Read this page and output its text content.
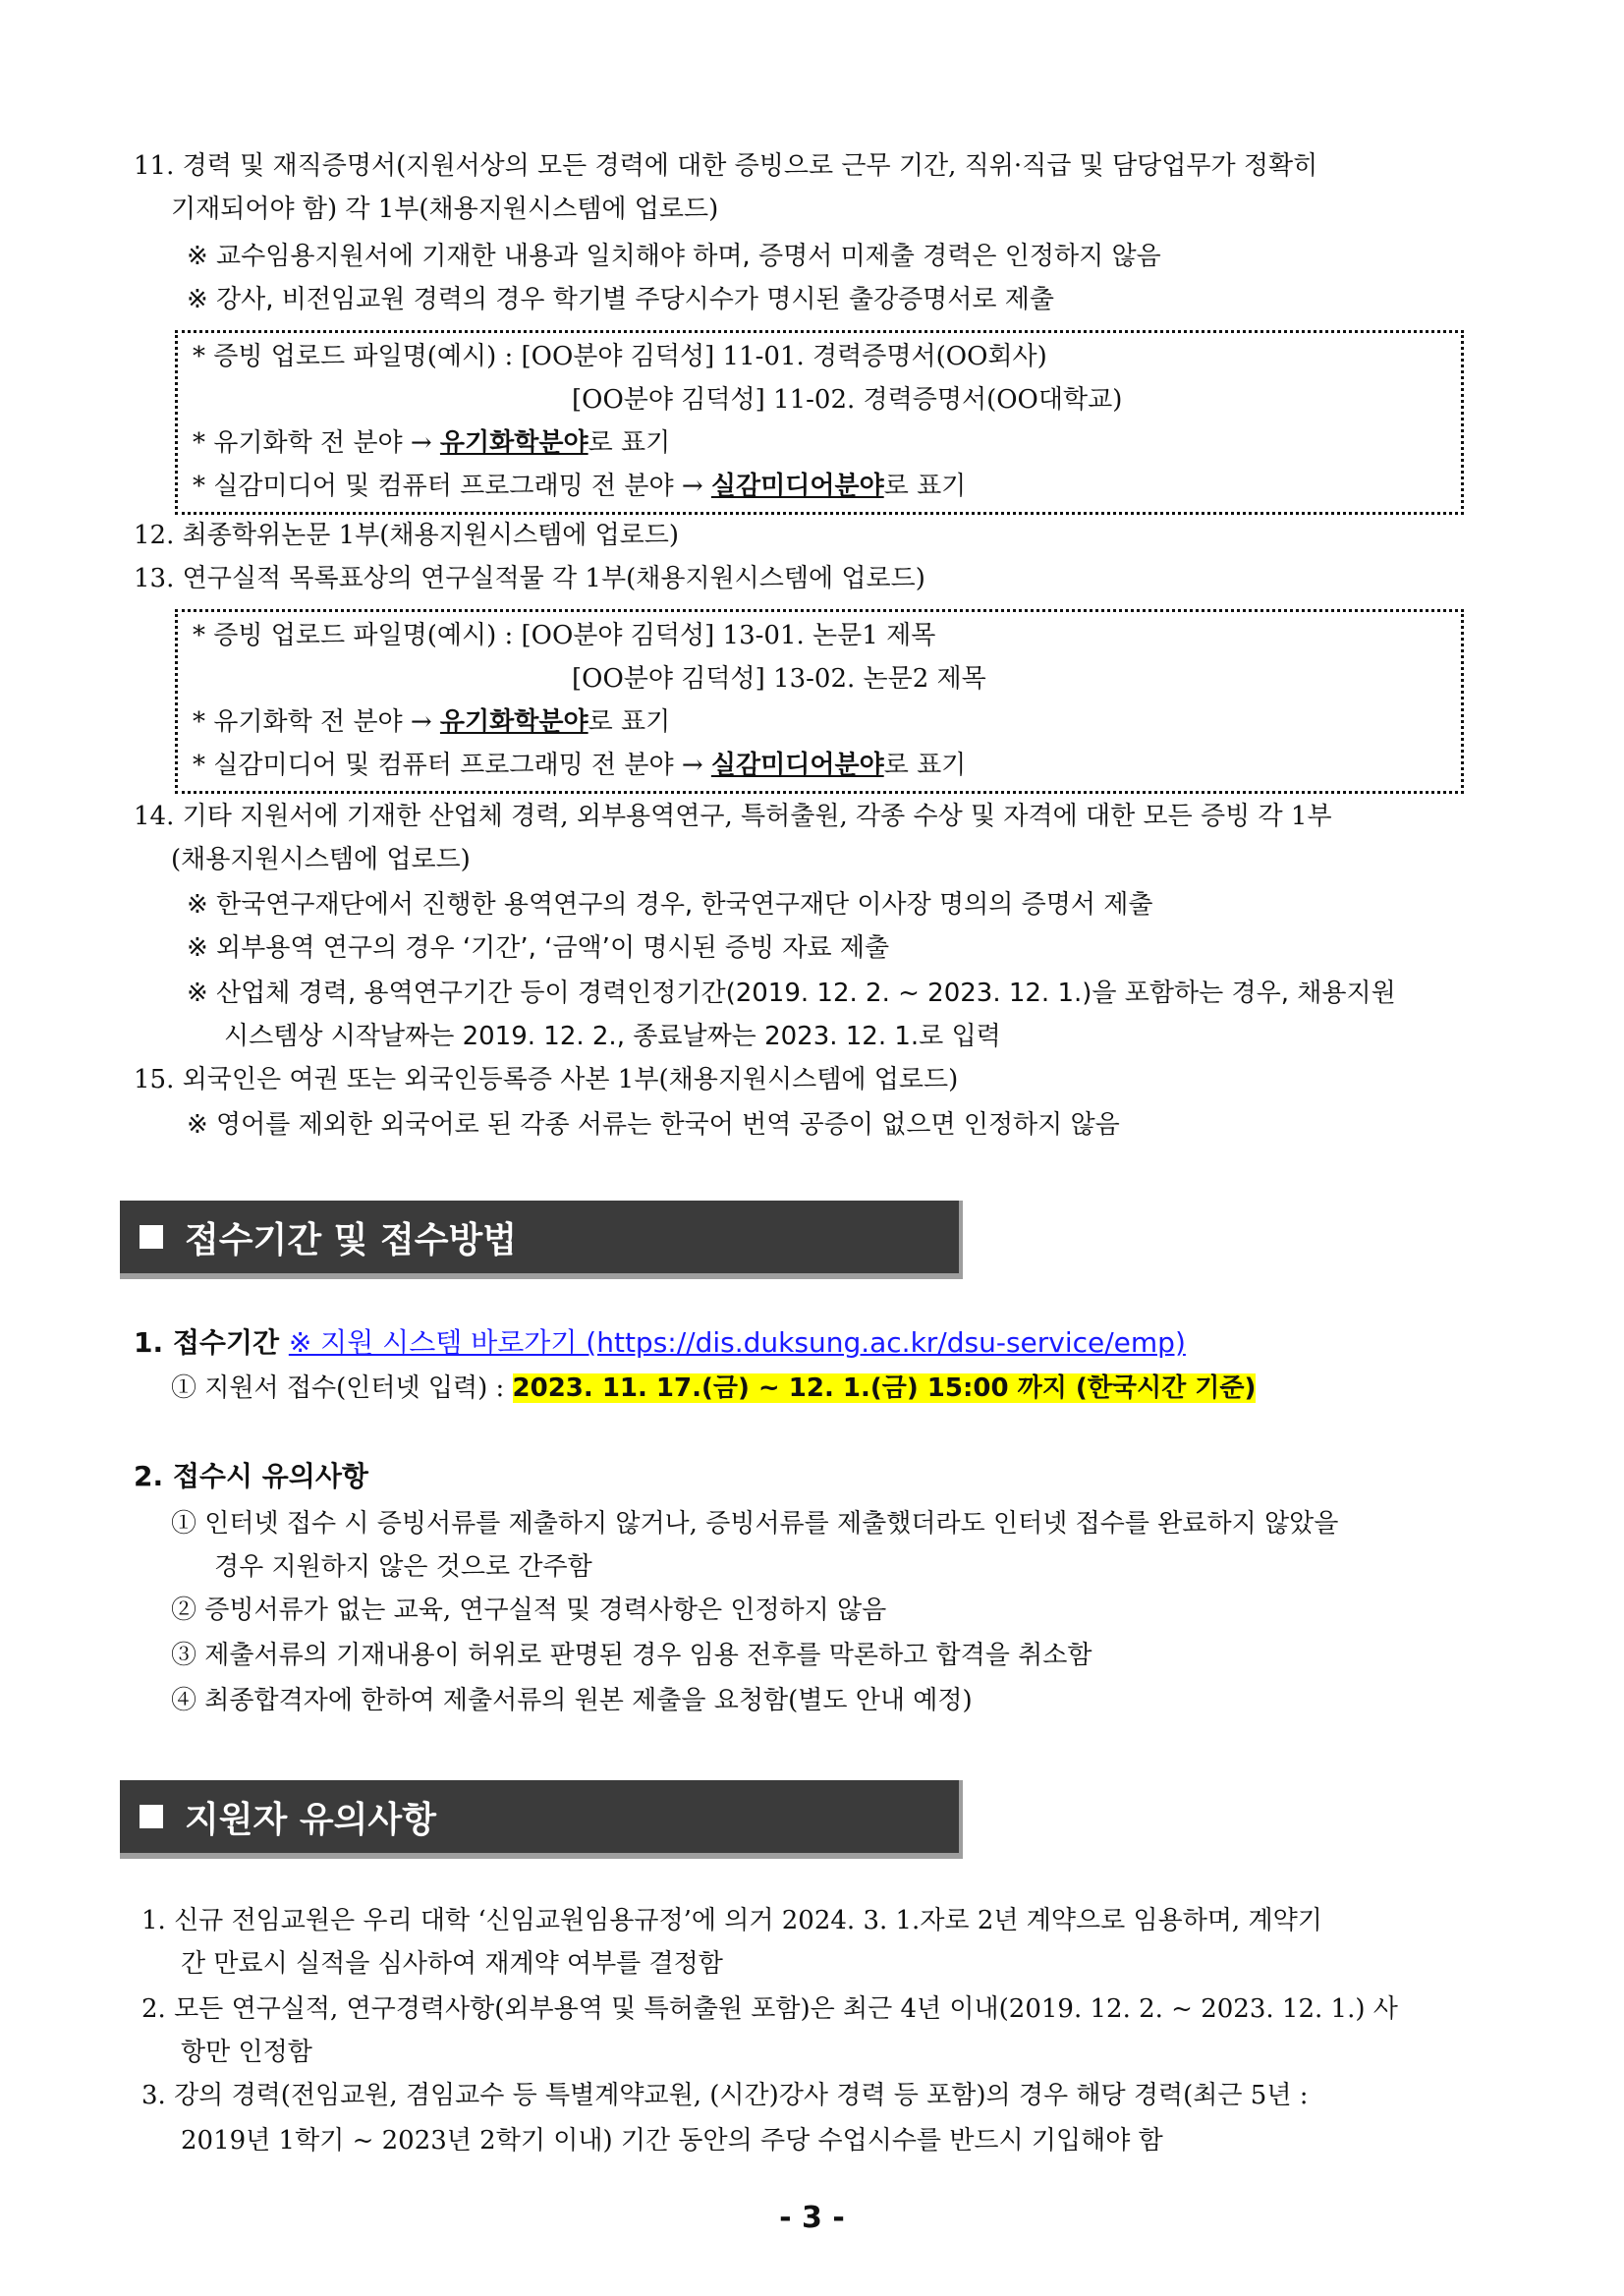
11. 경력 및 재직증명서(지원서상의 모든 경력에 대한 증빙으로 근무 기간, 직위·직급 및 담당업무가 정확히
기재되어야 함) 각 1부(채용지원시스템에 업로드)
※ 교수임용지원서에 기재한 내용과 일치해야 하며, 증명서 미제출 경력은 인정하지 않음
※ 강사, 비전임교원 경력의 경우 학기별 주당시수가 명시된 출강증명서로 제출
* 증빙 업로드 파일명(예시) : [OO분야 김덕성] 11-01. 경력증명서(OO회사)
[OO분야 김덕성] 11-02. 경력증명서(OO대학교)
* 유기화학 전 분야 → 유기화학분야로 표기
* 실감미디어 및 컴퓨터 프로그래밍 전 분야 → 실감미디어분야로 표기
12. 최종학위논문 1부(채용지원시스템에 업로드)
13. 연구실적 목록표상의 연구실적물 각 1부(채용지원시스템에 업로드)
* 증빙 업로드 파일명(예시) : [OO분야 김덕성] 13-01. 논문1 제목
[OO분야 김덕성] 13-02. 논문2 제목
* 유기화학 전 분야 → 유기화학분야로 표기
* 실감미디어 및 컴퓨터 프로그래밍 전 분야 → 실감미디어분야로 표기
14. 기타 지원서에 기재한 산업체 경력, 외부용역연구, 특허출원, 각종 수상 및 자격에 대한 모든 증빙 각 1부
(채용지원시스템에 업로드)
※ 한국연구재단에서 진행한 용역연구의 경우, 한국연구재단 이사장 명의의 증명서 제출
※ 외부용역 연구의 경우 ‘기간’, ‘금액’이 명시된 증빙 자료 제출
※ 산업체 경력, 용역연구기간 등이 경력인정기간(2019. 12. 2. ~ 2023. 12. 1.)을 포함하는 경우, 채용지원
시스템상 시작날짜는 2019. 12. 2., 종료날짜는 2023. 12. 1.로 입력
15. 외국인은 여권 또는 외국인등록증 사본 1부(채용지원시스템에 업로드)
※ 영어를 제외한 외국어로 된 각종 서류는 한국어 번역 공증이 없으면 인정하지 않음
접수기간 및 접수방법
1. 접수기간 ※ 지원 시스템 바로가기 (https://dis.duksung.ac.kr/dsu-service/emp)
① 지원서 접수(인터넷 입력) : 2023. 11. 17.(금) ~ 12. 1.(금) 15:00 까지 (한국시간 기준)
2. 접수시 유의사항
① 인터넷 접수 시 증빙서류를 제출하지 않거나, 증빙서류를 제출했더라도 인터넷 접수를 완료하지 않았을
경우 지원하지 않은 것으로 간주함
② 증빙서류가 없는 교육, 연구실적 및 경력사항은 인정하지 않음
③ 제출서류의 기재내용이 허위로 판명된 경우 임용 전후를 막론하고 합격을 취소함
④ 최종합격자에 한하여 제출서류의 원본 제출을 요청함(별도 안내 예정)
지원자 유의사항
1. 신규 전임교원은 우리 대학 ‘신임교원임용규정’에 의거 2024. 3. 1.자로 2년 계약으로 임용하며, 계약기
간 만료시 실적을 심사하여 재계약 여부를 결정함
2. 모든 연구실적, 연구경력사항(외부용역 및 특허출원 포함)은 최근 4년 이내(2019. 12. 2. ~ 2023. 12. 1.) 사
항만 인정함
3. 강의 경력(전임교원, 겸임교수 등 특별계약교원, (시간)강사 경력 등 포함)의 경우 해당 경력(최근 5년 :
2019년 1학기 ~ 2023년 2학기 이내) 기간 동안의 주당 수업시수를 반드시 기입해야 함
- 3 -
